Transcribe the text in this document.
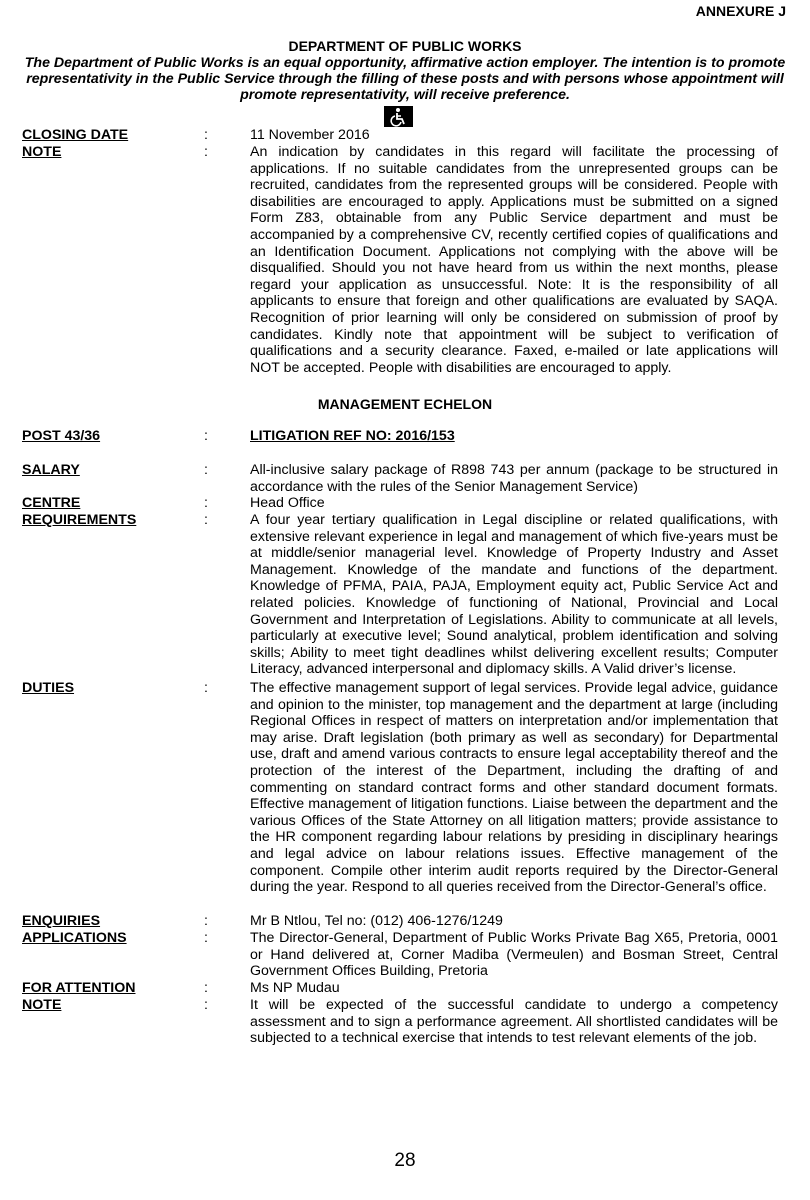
ANNEXURE J
DEPARTMENT OF PUBLIC WORKS
The Department of Public Works is an equal opportunity, affirmative action employer. The intention is to promote representativity in the Public Service through the filling of these posts and with persons whose appointment will promote representativity, will receive preference.
CLOSING DATE	:	11 November 2016
NOTE	:	An indication by candidates in this regard will facilitate the processing of applications. If no suitable candidates from the unrepresented groups can be recruited, candidates from the represented groups will be considered. People with disabilities are encouraged to apply. Applications must be submitted on a signed Form Z83, obtainable from any Public Service department and must be accompanied by a comprehensive CV, recently certified copies of qualifications and an Identification Document. Applications not complying with the above will be disqualified. Should you not have heard from us within the next months, please regard your application as unsuccessful. Note: It is the responsibility of all applicants to ensure that foreign and other qualifications are evaluated by SAQA. Recognition of prior learning will only be considered on submission of proof by candidates. Kindly note that appointment will be subject to verification of qualifications and a security clearance. Faxed, e-mailed or late applications will NOT be accepted. People with disabilities are encouraged to apply.
MANAGEMENT ECHELON
POST 43/36	:	LITIGATION REF NO: 2016/153
SALARY	:	All-inclusive salary package of R898 743 per annum (package to be structured in accordance with the rules of the Senior Management Service)
CENTRE	:	Head Office
REQUIREMENTS	:	A four year tertiary qualification in Legal discipline or related qualifications, with extensive relevant experience in legal and management of which five-years must be at middle/senior managerial level. Knowledge of Property Industry and Asset Management. Knowledge of the mandate and functions of the department. Knowledge of PFMA, PAIA, PAJA, Employment equity act, Public Service Act and related policies. Knowledge of functioning of National, Provincial and Local Government and Interpretation of Legislations. Ability to communicate at all levels, particularly at executive level; Sound analytical, problem identification and solving skills; Ability to meet tight deadlines whilst delivering excellent results; Computer Literacy, advanced interpersonal and diplomacy skills. A Valid driver’s license.
DUTIES	:	The effective management support of legal services. Provide legal advice, guidance and opinion to the minister, top management and the department at large (including Regional Offices in respect of matters on interpretation and/or implementation that may arise. Draft legislation (both primary as well as secondary) for Departmental use, draft and amend various contracts to ensure legal acceptability thereof and the protection of the interest of the Department, including the drafting of and commenting on standard contract forms and other standard document formats. Effective management of litigation functions. Liaise between the department and the various Offices of the State Attorney on all litigation matters; provide assistance to the HR component regarding labour relations by presiding in disciplinary hearings and legal advice on labour relations issues. Effective management of the component. Compile other interim audit reports required by the Director-General during the year. Respond to all queries received from the Director-General’s office.
ENQUIRIES	:	Mr B Ntlou, Tel no: (012) 406-1276/1249
APPLICATIONS	:	The Director-General, Department of Public Works Private Bag X65, Pretoria, 0001 or Hand delivered at, Corner Madiba (Vermeulen) and Bosman Street, Central Government Offices Building, Pretoria
FOR ATTENTION	:	Ms NP Mudau
NOTE	:	It will be expected of the successful candidate to undergo a competency assessment and to sign a performance agreement. All shortlisted candidates will be subjected to a technical exercise that intends to test relevant elements of the job.
28
